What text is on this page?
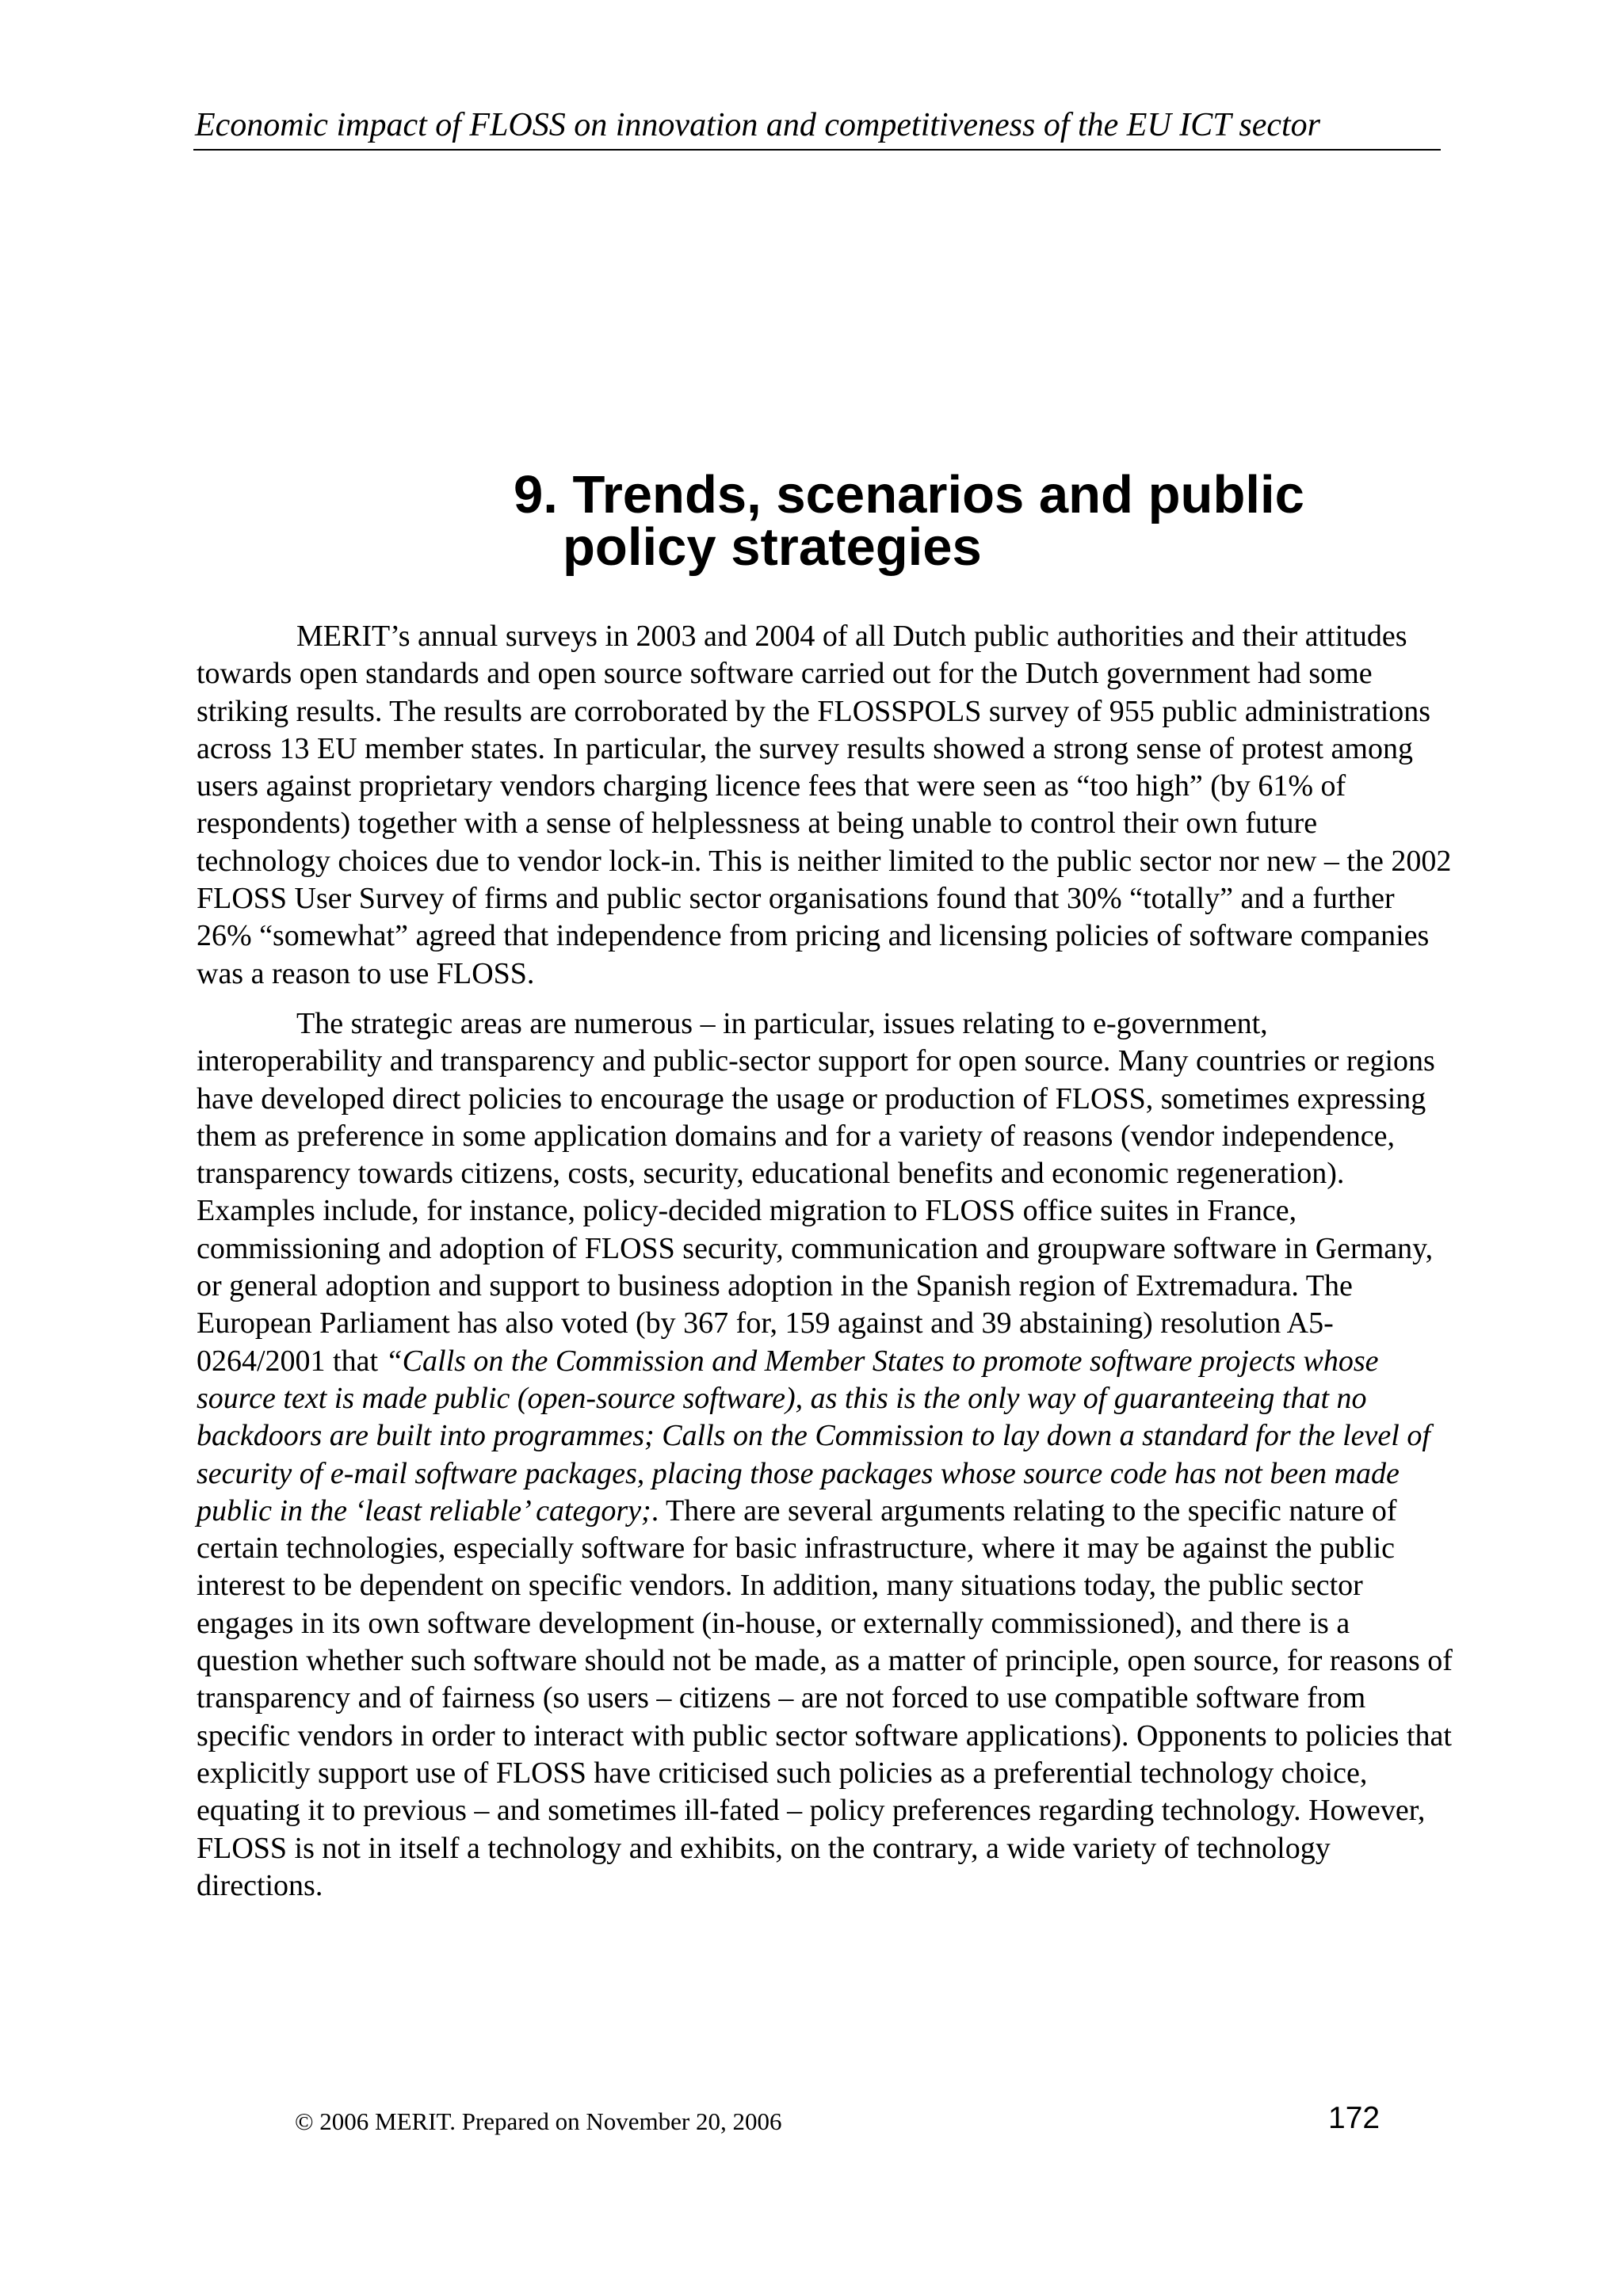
Economic impact of FLOSS on innovation and competitiveness of the EU ICT sector
9. Trends, scenarios and public
policy strategies

MERIT’s annual surveys in 2003 and 2004 of all Dutch public authorities and their attitudes towards open standards and open source software carried out for the Dutch government had some striking results. The results are corroborated by the FLOSSPOLS survey of 955 public administrations across 13 EU member states. In particular, the survey results showed a strong sense of protest among users against proprietary vendors charging licence fees that were seen as “too high” (by 61% of respondents) together with a sense of helplessness at being unable to control their own future technology choices due to vendor lock-in. This is neither limited to the public sector nor new – the 2002 FLOSS User Survey of firms and public sector organisations found that 30% “totally” and a further 26% “somewhat” agreed that independence from pricing and licensing policies of software companies was a reason to use FLOSS.

The strategic areas are numerous – in particular, issues relating to e-government, interoperability and transparency and public-sector support for open source. Many countries or regions have developed direct policies to encourage the usage or production of FLOSS, sometimes expressing them as preference in some application domains and for a variety of reasons (vendor independence, transparency towards citizens, costs, security, educational benefits and economic regeneration). Examples include, for instance, policy-decided migration to FLOSS office suites in France, commissioning and adoption of FLOSS security, communication and groupware software in Germany, or general adoption and support to business adoption in the Spanish region of Extremadura. The European Parliament has also voted (by 367 for, 159 against and 39 abstaining) resolution A5-0264/2001 that “Calls on the Commission and Member States to promote software projects whose source text is made public (open-source software), as this is the only way of guaranteeing that no backdoors are built into programmes; Calls on the Commission to lay down a standard for the level of security of e-mail software packages, placing those packages whose source code has not been made public in the ‘least reliable’ category;. There are several arguments relating to the specific nature of certain technologies, especially software for basic infrastructure, where it may be against the public interest to be dependent on specific vendors. In addition, many situations today, the public sector engages in its own software development (in-house, or externally commissioned), and there is a question whether such software should not be made, as a matter of principle, open source, for reasons of transparency and of fairness (so users – citizens – are not forced to use compatible software from specific vendors in order to interact with public sector software applications). Opponents to policies that explicitly support use of FLOSS have criticised such policies as a preferential technology choice, equating it to previous – and sometimes ill-fated – policy preferences regarding technology. However, FLOSS is not in itself a technology and exhibits, on the contrary, a wide variety of technology directions.

© 2006 MERIT. Prepared on November 20, 2006	172
